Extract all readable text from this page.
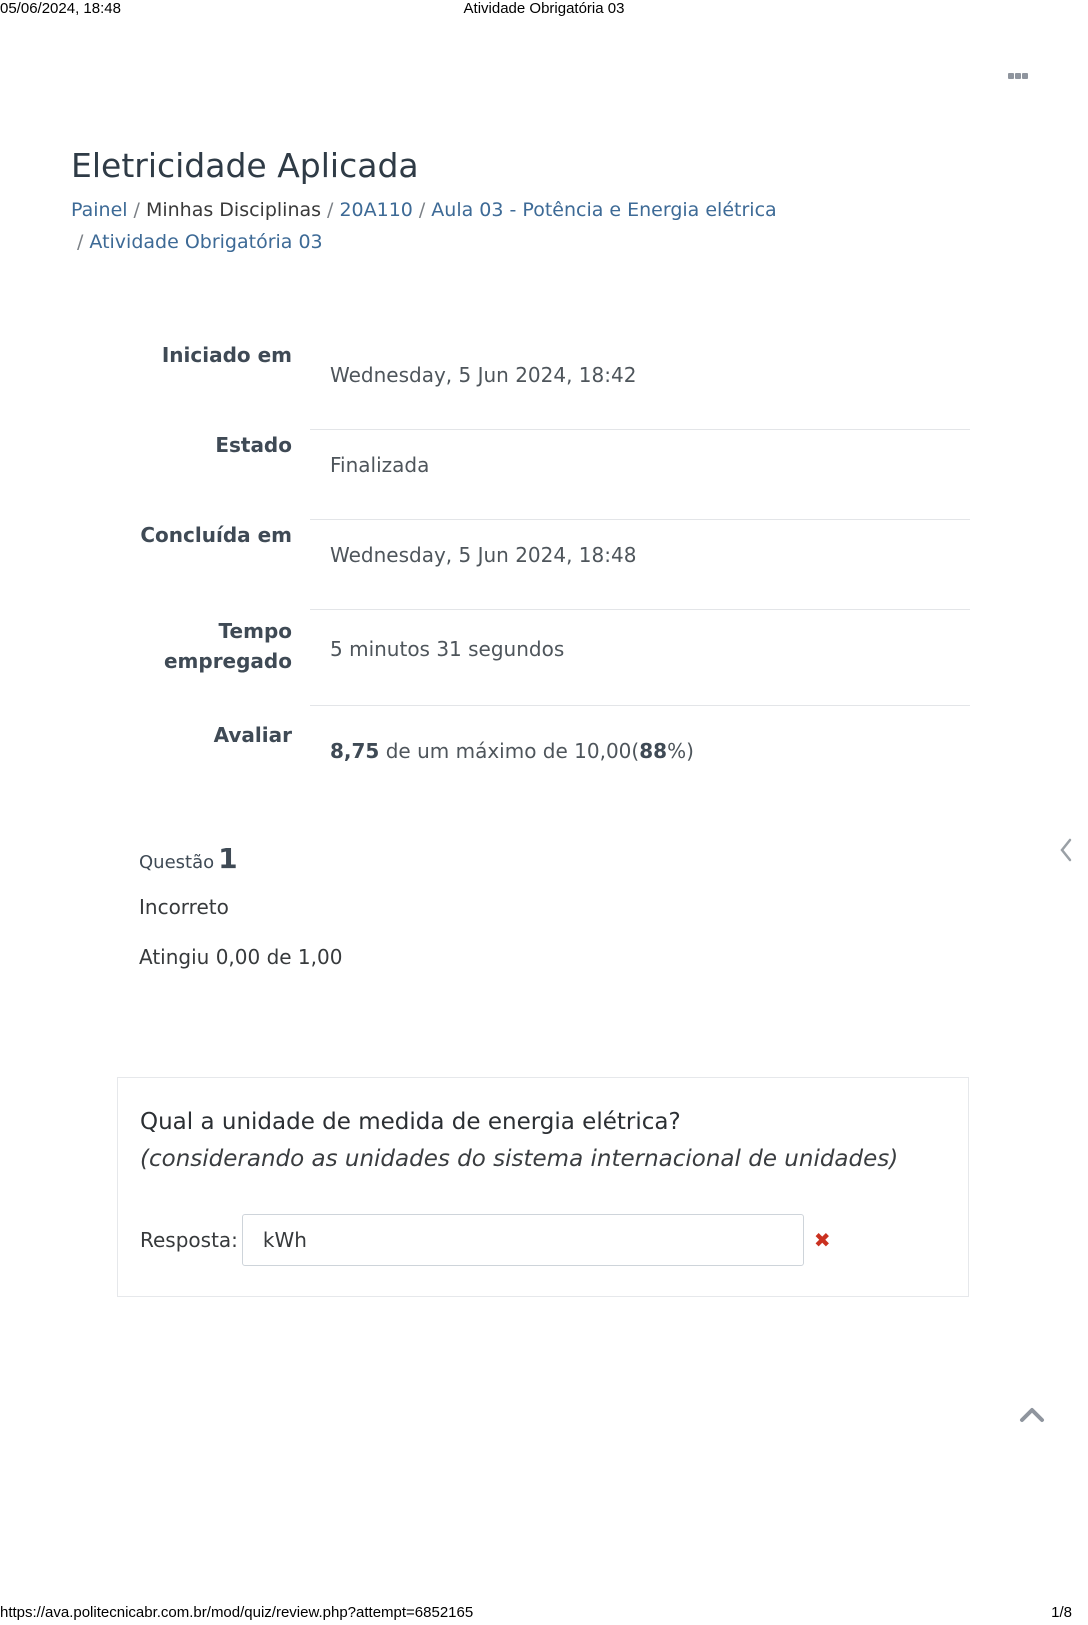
05/06/2024, 18:48	Atividade Obrigatória 03
Eletricidade Aplicada
Painel / Minhas Disciplinas / 20A110 / Aula 03 - Potência e Energia elétrica
/ Atividade Obrigatória 03
Iniciado em
Wednesday, 5 Jun 2024, 18:42
Estado
Finalizada
Concluída em
Wednesday, 5 Jun 2024, 18:48
Tempo
empregado	5 minutos 31 segundos
Avaliar
8,75 de um máximo de 10,00(88%)
Questão 1
Incorreto
Atingiu 0,00 de 1,00
Qual a unidade de medida de energia elétrica?
(considerando as unidades do sistema internacional de unidades)
Resposta:
kWh	✖
https://ava.politecnicabr.com.br/mod/quiz/review.php?attempt=6852165	1/8
